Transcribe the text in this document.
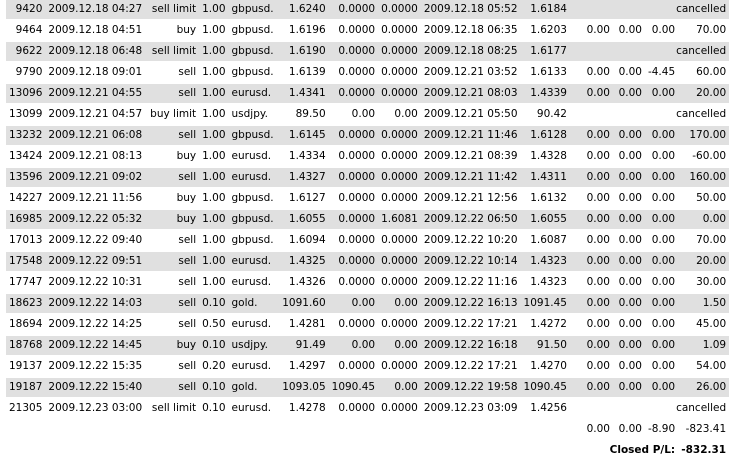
9420	2009.12.18 04:27	sell limit	1.00	gbpusd.	1.6240	0.0000	0.0000	2009.12.18 05:52	1.6184	cancelled			
9464	2009.12.18 04:51	buy	1.00	gbpusd.	1.6196	0.0000	0.0000	2009.12.18 06:35	1.6203	0.00	0.00	0.00	70.00
9622	2009.12.18 06:48	sell limit	1.00	gbpusd.	1.6190	0.0000	0.0000	2009.12.18 08:25	1.6177	cancelled			
9790	2009.12.18 09:01	sell	1.00	gbpusd.	1.6139	0.0000	0.0000	2009.12.21 03:52	1.6133	0.00	0.00	-4.45	60.00
13096	2009.12.21 04:55	sell	1.00	eurusd.	1.4341	0.0000	0.0000	2009.12.21 08:03	1.4339	0.00	0.00	0.00	20.00
13099	2009.12.21 04:57	buy limit	1.00	usdjpy.	89.50	0.00	0.00	2009.12.21 05:50	90.42	cancelled			
13232	2009.12.21 06:08	sell	1.00	gbpusd.	1.6145	0.0000	0.0000	2009.12.21 11:46	1.6128	0.00	0.00	0.00	170.00
13424	2009.12.21 08:13	buy	1.00	eurusd.	1.4334	0.0000	0.0000	2009.12.21 08:39	1.4328	0.00	0.00	0.00	-60.00
13596	2009.12.21 09:02	sell	1.00	eurusd.	1.4327	0.0000	0.0000	2009.12.21 11:42	1.4311	0.00	0.00	0.00	160.00
14227	2009.12.21 11:56	buy	1.00	gbpusd.	1.6127	0.0000	0.0000	2009.12.21 12:56	1.6132	0.00	0.00	0.00	50.00
16985	2009.12.22 05:32	buy	1.00	gbpusd.	1.6055	0.0000	1.6081	2009.12.22 06:50	1.6055	0.00	0.00	0.00	0.00
17013	2009.12.22 09:40	sell	1.00	gbpusd.	1.6094	0.0000	0.0000	2009.12.22 10:20	1.6087	0.00	0.00	0.00	70.00
17548	2009.12.22 09:51	sell	1.00	eurusd.	1.4325	0.0000	0.0000	2009.12.22 10:14	1.4323	0.00	0.00	0.00	20.00
17747	2009.12.22 10:31	sell	1.00	eurusd.	1.4326	0.0000	0.0000	2009.12.22 11:16	1.4323	0.00	0.00	0.00	30.00
18623	2009.12.22 14:03	sell	0.10	gold.	1091.60	0.00	0.00	2009.12.22 16:13	1091.45	0.00	0.00	0.00	1.50
18694	2009.12.22 14:25	sell	0.50	eurusd.	1.4281	0.0000	0.0000	2009.12.22 17:21	1.4272	0.00	0.00	0.00	45.00
18768	2009.12.22 14:45	buy	0.10	usdjpy.	91.49	0.00	0.00	2009.12.22 16:18	91.50	0.00	0.00	0.00	1.09
19137	2009.12.22 15:35	sell	0.20	eurusd.	1.4297	0.0000	0.0000	2009.12.22 17:21	1.4270	0.00	0.00	0.00	54.00
19187	2009.12.22 15:40	sell	0.10	gold.	1093.05	1090.45	0.00	2009.12.22 19:58	1090.45	0.00	0.00	0.00	26.00
21305	2009.12.23 03:00	sell limit	0.10	eurusd.	1.4278	0.0000	0.0000	2009.12.23 03:09	1.4256	cancelled			
										0.00	0.00	-8.90	-823.41
										Closed P/L:			-832.31
